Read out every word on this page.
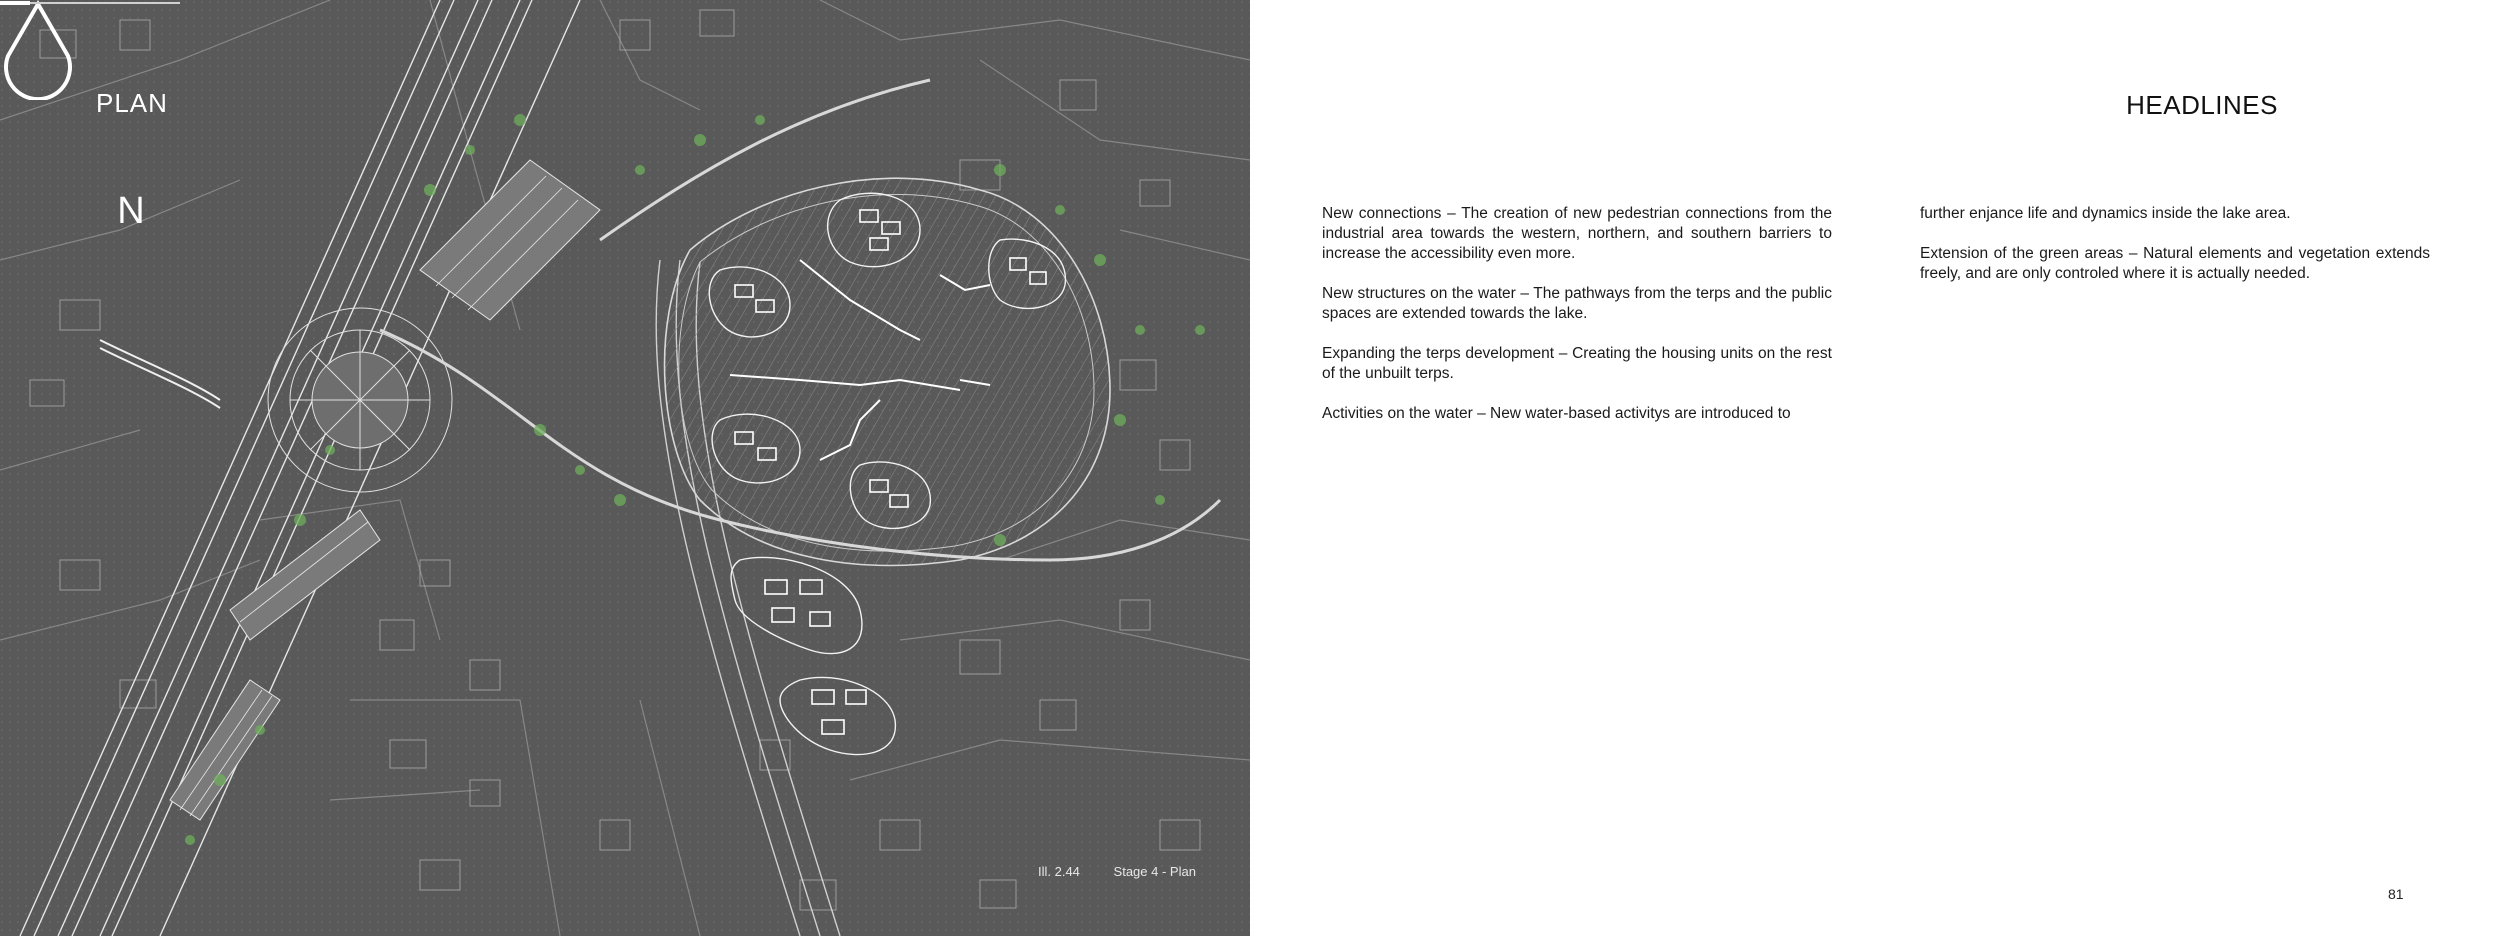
PLAN
N
Ill. 2.44	Stage 4 - Plan
HEADLINES

New connections – The creation of new pedestrian connections from the industrial area towards the western, northern, and southern barriers to increase the accessibility even more.

New structures on the water – The pathways from the terps and the public spaces are extended towards the lake.

Expanding the terps development – Creating the housing units on the rest of the unbuilt terps.

Activities on the water – New water-based activitys are introduced to

further enjance life and dynamics inside the lake area.

Extension of the green areas – Natural elements and vegetation extends freely, and are only controled where it is actually needed.

81
